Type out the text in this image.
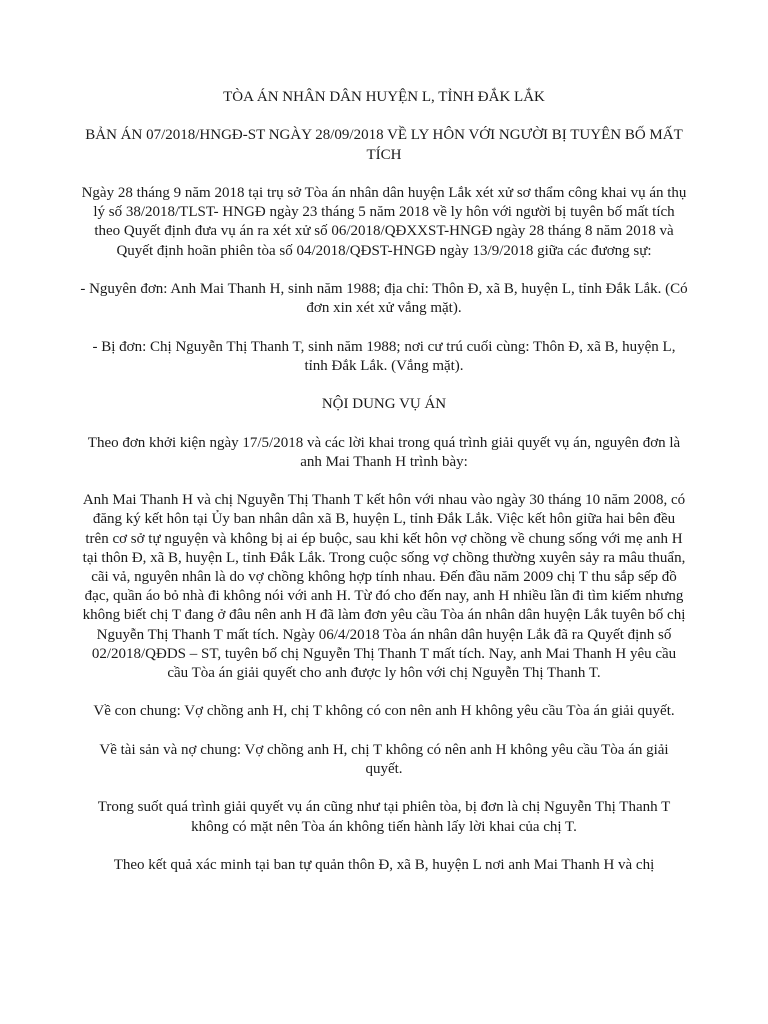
TÒA ÁN NHÂN DÂN HUYỆN L, TỈNH ĐẮK LẮK

BẢN ÁN 07/2018/HNGĐ-ST NGÀY 28/09/2018 VỀ LY HÔN VỚI NGƯỜI BỊ TUYÊN BỐ MẤT TÍCH

Ngày 28 tháng 9 năm 2018 tại trụ sở Tòa án nhân dân huyện Lắk xét xử sơ thẩm công khai vụ án thụ lý số 38/2018/TLST- HNGĐ ngày 23 tháng 5 năm 2018 về ly hôn với người bị tuyên bố mất tích theo Quyết định đưa vụ án ra xét xử số 06/2018/QĐXXST-HNGĐ ngày 28 tháng 8 năm 2018 và Quyết định hoãn phiên tòa số 04/2018/QĐST-HNGĐ ngày 13/9/2018 giữa các đương sự:

- Nguyên đơn: Anh Mai Thanh H, sinh năm 1988; địa chỉ: Thôn Đ, xã B, huyện L, tỉnh Đắk Lắk. (Có đơn xin xét xử vắng mặt).

- Bị đơn: Chị Nguyễn Thị Thanh T, sinh năm 1988; nơi cư trú cuối cùng: Thôn Đ, xã B, huyện L, tỉnh Đắk Lắk. (Vắng mặt).

NỘI DUNG VỤ ÁN

Theo đơn khởi kiện ngày 17/5/2018 và các lời khai trong quá trình giải quyết vụ án, nguyên đơn là anh Mai Thanh H trình bày:

Anh Mai Thanh H và chị Nguyễn Thị Thanh T kết hôn với nhau vào ngày 30 tháng 10 năm 2008, có đăng ký kết hôn tại Ủy ban nhân dân xã B, huyện L, tỉnh Đắk Lắk. Việc kết hôn giữa hai bên đều trên cơ sở tự nguyện và không bị ai ép buộc, sau khi kết hôn vợ chồng về chung sống với mẹ anh H tại thôn Đ, xã B, huyện L, tỉnh Đắk Lắk. Trong cuộc sống vợ chồng thường xuyên sảy ra mâu thuẩn, cãi vả, nguyên nhân là do vợ chồng không hợp tính nhau. Đến đầu năm 2009 chị T thu sắp sếp đồ đạc, quần áo bỏ nhà đi không nói với anh H. Từ đó cho đến nay, anh H nhiều lần đi tìm kiếm nhưng không biết chị T đang ở đâu nên anh H đã làm đơn yêu cầu Tòa án nhân dân huyện Lắk tuyên bố chị Nguyễn Thị Thanh T mất tích. Ngày 06/4/2018 Tòa án nhân dân huyện Lắk đã ra Quyết định số 02/2018/QĐDS – ST, tuyên bố chị Nguyễn Thị Thanh T mất tích. Nay, anh Mai Thanh H yêu cầu cầu Tòa án giải quyết cho anh được ly hôn với chị Nguyễn Thị Thanh T.

Về con chung: Vợ chồng anh H, chị T không có con nên anh H không yêu cầu Tòa án giải quyết.

Về tài sản và nợ chung: Vợ chồng anh H, chị T không có nên anh H không yêu cầu Tòa án giải quyết.

Trong suốt quá trình giải quyết vụ án cũng như tại phiên tòa, bị đơn là chị Nguyễn Thị Thanh T không có mặt nên Tòa án không tiến hành lấy lời khai của chị T.

Theo kết quả xác minh tại ban tự quản thôn Đ, xã B, huyện L nơi anh Mai Thanh H và chị
